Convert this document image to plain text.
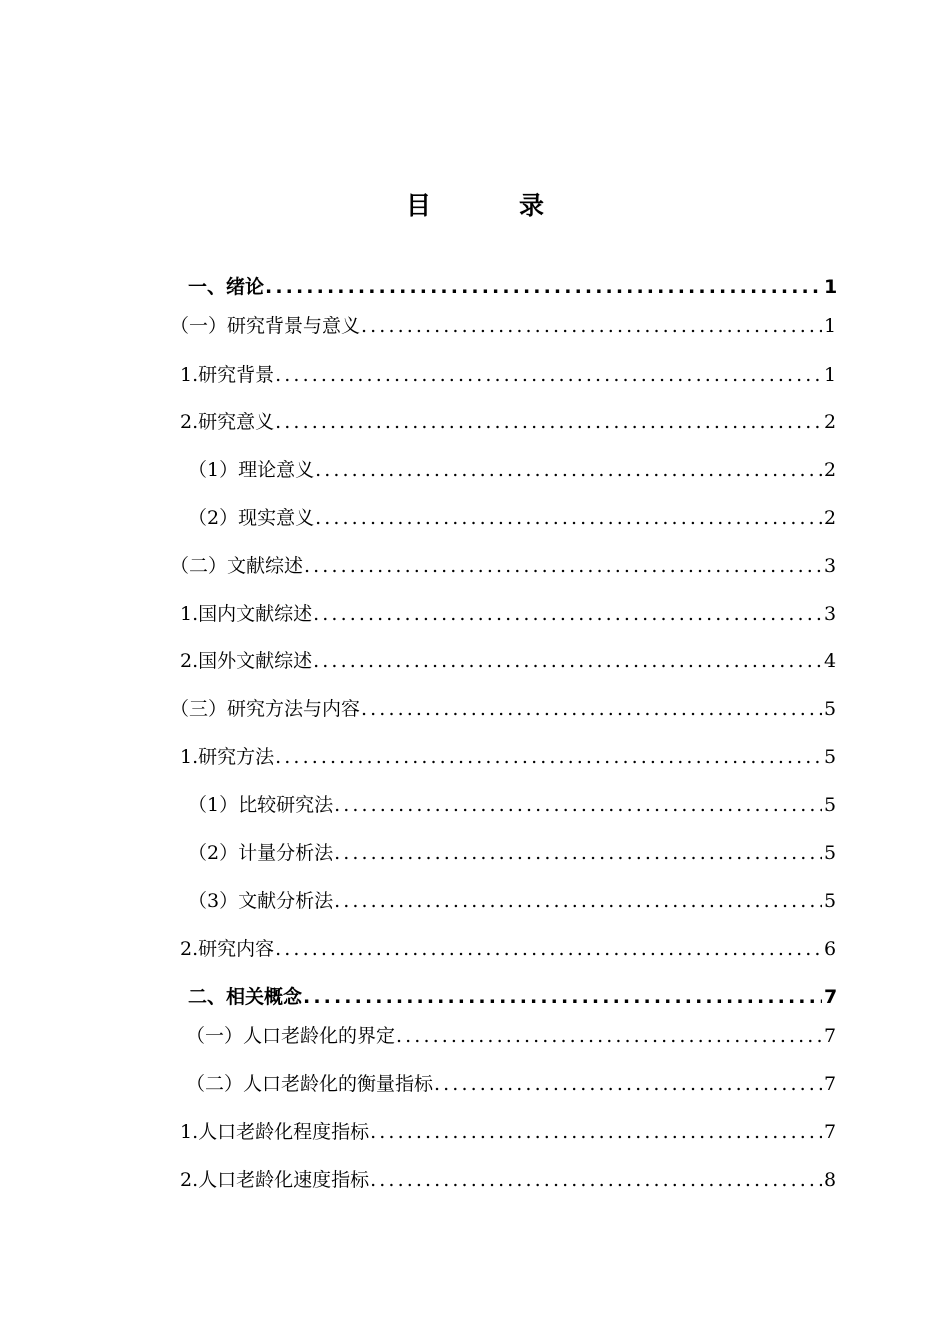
目	录
一、 绪论 .....	1
（一） 研究背景与意义 .....	1
1. 研究背景 .....	1
2. 研究意义 .....	2
（1） 理论意义 .....	2
（2） 现实意义 .....	2
（二） 文献综述 .....	3
1. 国内文献综述 .....	3
2. 国外文献综述 .....	4
（三） 研究方法与内容 .....	5
1. 研究方法 .....	5
（1） 比较研究法 .....	5
（2） 计量分析法 .....	5
（3） 文献分析法 .....	5
2. 研究内容 .....	6
二、 相关概念 .....	7
（一） 人口老龄化的界定 .....	7
（二） 人口老龄化的衡量指标 .....	7
1. 人口老龄化程度指标 .....	7
2. 人口老龄化速度指标 .....	8
